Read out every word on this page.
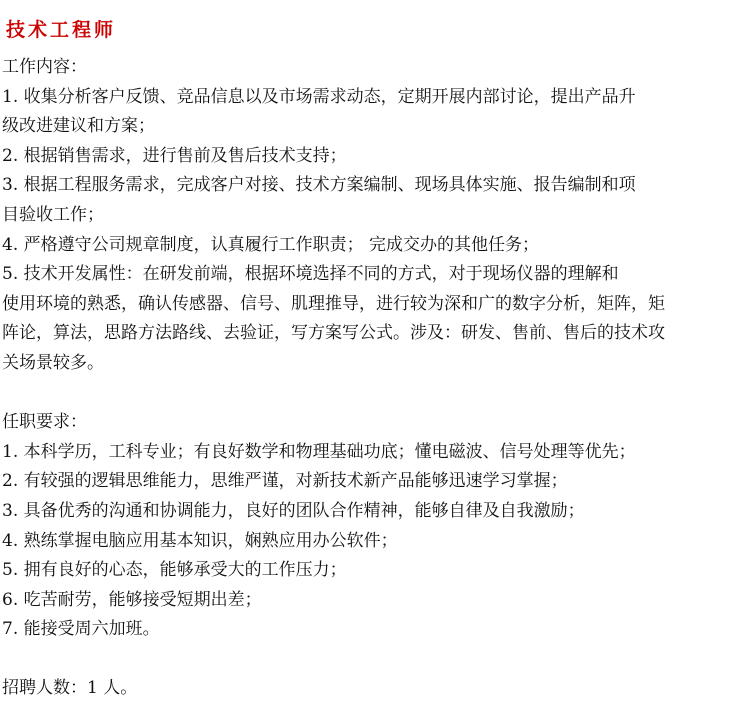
技术工程师
工作内容：
1. 收集分析客户反馈、竞品信息以及市场需求动态，定期开展内部讨论，提出产品升
级改进建议和方案；
2. 根据销售需求，进行售前及售后技术支持；
3. 根据工程服务需求，完成客户对接、技术方案编制、现场具体实施、报告编制和项
目验收工作；
4. 严格遵守公司规章制度，认真履行工作职责； 完成交办的其他任务；
5. 技术开发属性：在研发前端，根据环境选择不同的方式，对于现场仪器的理解和
使用环境的熟悉，确认传感器、信号、肌理推导，进行较为深和广的数字分析，矩阵，矩
阵论，算法，思路方法路线、去验证，写方案写公式。涉及：研发、售前、售后的技术攻
关场景较多。
任职要求：
1. 本科学历，工科专业；有良好数学和物理基础功底；懂电磁波、信号处理等优先；
2. 有较强的逻辑思维能力，思维严谨，对新技术新产品能够迅速学习掌握；
3. 具备优秀的沟通和协调能力，良好的团队合作精神，能够自律及自我激励；
4. 熟练掌握电脑应用基本知识，娴熟应用办公软件；
5. 拥有良好的心态，能够承受大的工作压力；
6. 吃苦耐劳，能够接受短期出差；
7. 能接受周六加班。
招聘人数：1 人。
